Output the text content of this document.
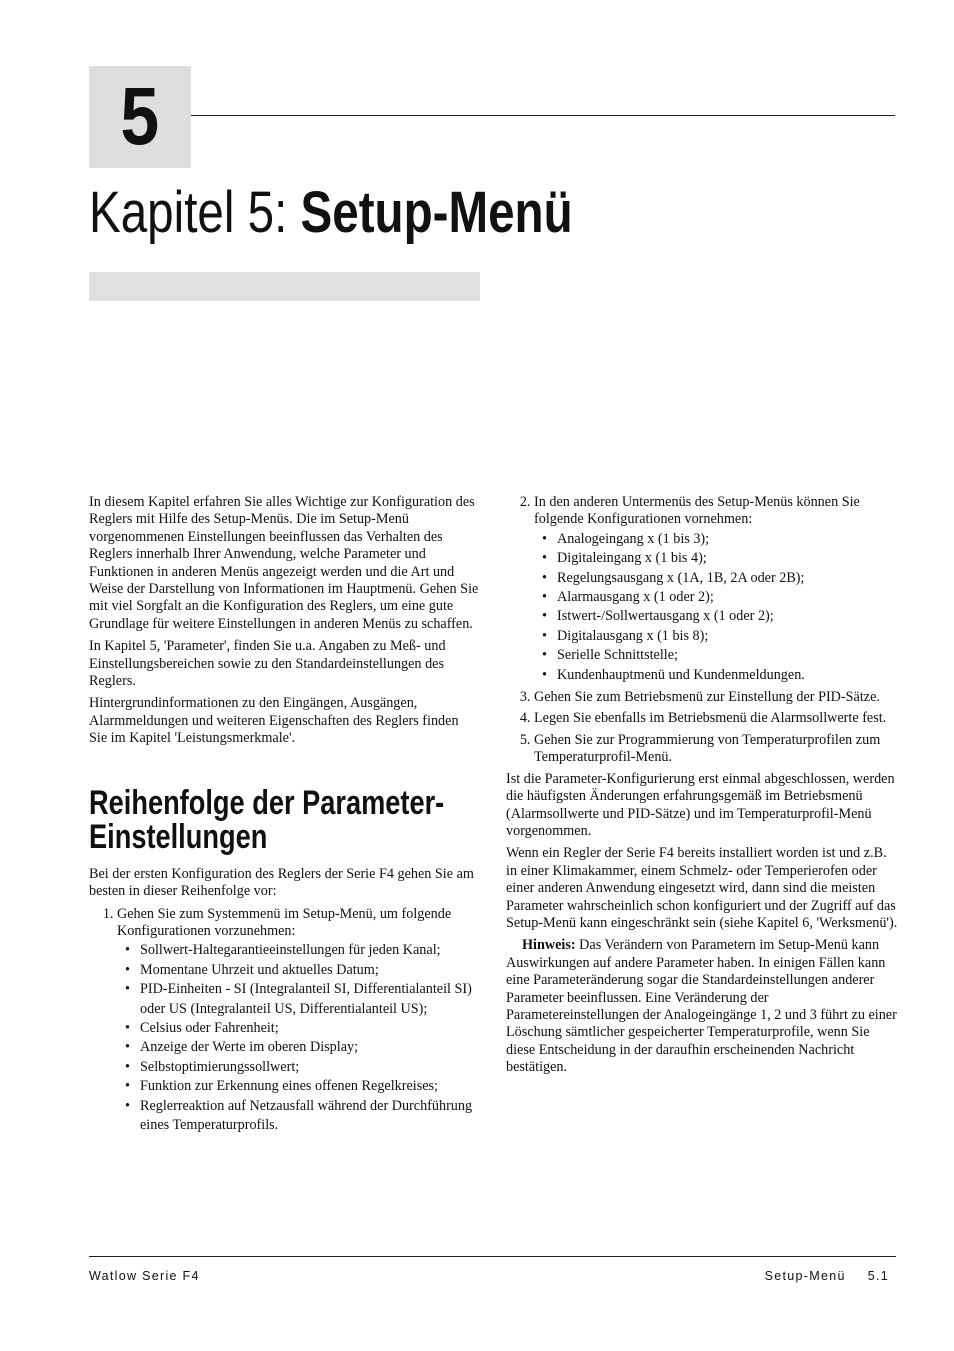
5
Kapitel 5: Setup-Menü

In diesem Kapitel erfahren Sie alles Wichtige zur Konfiguration des Reglers mit Hilfe des Setup-Menüs. Die im Setup-Menü vorgenommenen Einstellungen beeinflussen das Verhalten des Reglers innerhalb Ihrer Anwendung, welche Parameter und Funktionen in anderen Menüs angezeigt werden und die Art und Weise der Darstellung von Informationen im Hauptmenü. Gehen Sie mit viel Sorgfalt an die Konfiguration des Reglers, um eine gute Grundlage für weitere Einstellungen in anderen Menüs zu schaffen.

In Kapitel 5, 'Parameter', finden Sie u.a. Angaben zu Meß- und Einstellungsbereichen sowie zu den Standardeinstellungen des Reglers.

Hintergrundinformationen zu den Eingängen, Ausgängen, Alarmmeldungen und weiteren Eigenschaften des Reglers finden Sie im Kapitel 'Leistungsmerkmale'.

Reihenfolge der Parameter-
Einstellungen

Bei der ersten Konfiguration des Reglers der Serie F4 gehen Sie am besten in dieser Reihenfolge vor:

1. Gehen Sie zum Systemmenü im Setup-Menü, um folgende Konfigurationen vorzunehmen:
• Sollwert-Haltegarantieeinstellungen für jeden Kanal;
• Momentane Uhrzeit und aktuelles Datum;
• PID-Einheiten - SI (Integralanteil SI, Differentialanteil SI) oder US (Integralanteil US, Differentialanteil US);
• Celsius oder Fahrenheit;
• Anzeige der Werte im oberen Display;
• Selbstoptimierungssollwert;
• Funktion zur Erkennung eines offenen Regelkreises;
• Reglerreaktion auf Netzausfall während der Durchführung eines Temperaturprofils.
2. In den anderen Untermenüs des Setup-Menüs können Sie folgende Konfigurationen vornehmen:
• Analogeingang x (1 bis 3);
• Digitaleingang x (1 bis 4);
• Regelungsausgang x (1A, 1B, 2A oder 2B);
• Alarmausgang x (1 oder 2);
• Istwert-/Sollwertausgang x (1 oder 2);
• Digitalausgang x (1 bis 8);
• Serielle Schnittstelle;
• Kundenhauptmenü und Kundenmeldungen.
3. Gehen Sie zum Betriebsmenü zur Einstellung der PID-Sätze.
4. Legen Sie ebenfalls im Betriebsmenü die Alarmsollwerte fest.
5. Gehen Sie zur Programmierung von Temperaturprofilen zum Temperaturprofil-Menü.

Ist die Parameter-Konfigurierung erst einmal abgeschlossen, werden die häufigsten Änderungen erfahrungsgemäß im Betriebsmenü (Alarmsollwerte und PID-Sätze) und im Temperaturprofil-Menü vorgenommen.

Wenn ein Regler der Serie F4 bereits installiert worden ist und z.B. in einer Klimakammer, einem Schmelz- oder Temperierofen oder einer anderen Anwendung eingesetzt wird, dann sind die meisten Parameter wahrscheinlich schon konfiguriert und der Zugriff auf das Setup-Menü kann eingeschränkt sein (siehe Kapitel 6, 'Werksmenü').

Hinweis: Das Verändern von Parametern im Setup-Menü kann Auswirkungen auf andere Parameter haben. In einigen Fällen kann eine Parameteränderung sogar die Standardeinstellungen anderer Parameter beeinflussen. Eine Veränderung der Parametereinstellungen der Analogeingänge 1, 2 und 3 führt zu einer Löschung sämtlicher gespeicherter Temperaturprofile, wenn Sie diese Entscheidung in der daraufhin erscheinenden Nachricht bestätigen.

Watlow Serie F4	Setup-Menü 5.1
